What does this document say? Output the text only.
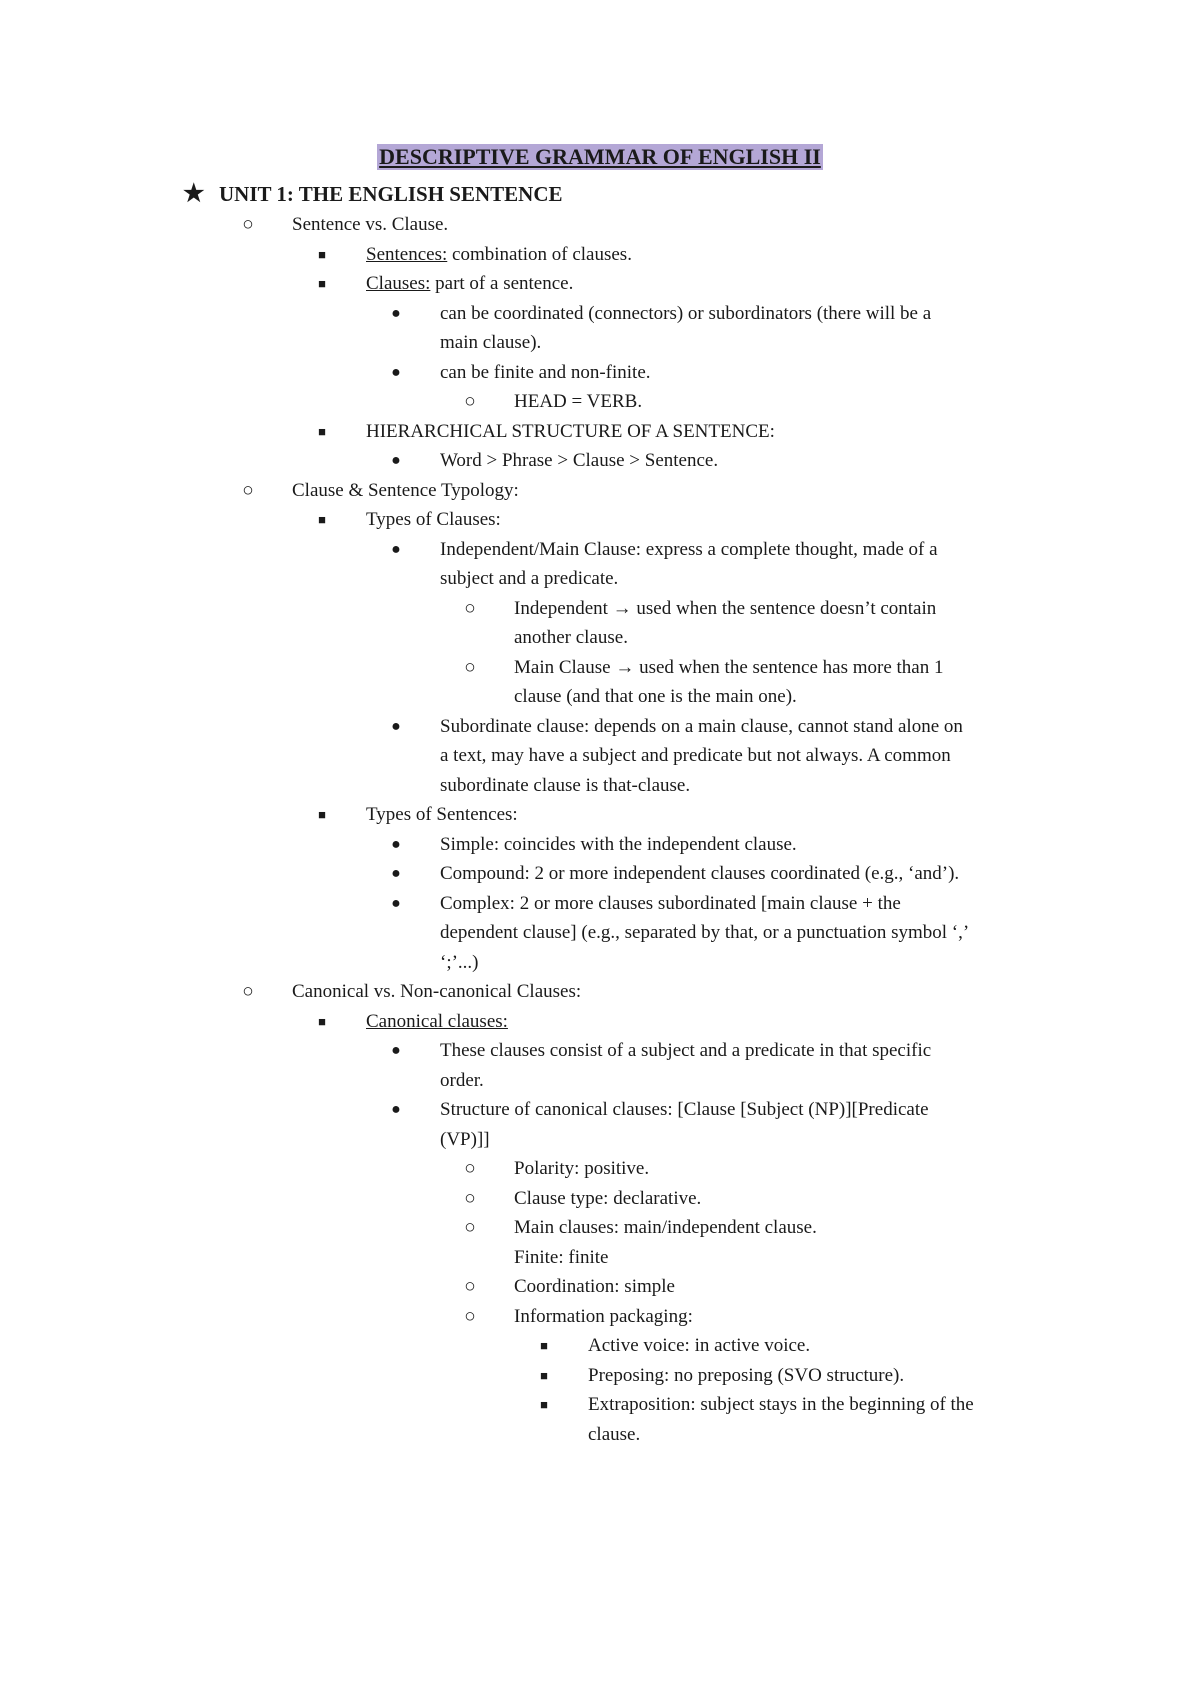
DESCRIPTIVE GRAMMAR OF ENGLISH II
★ UNIT 1: THE ENGLISH SENTENCE
○	Sentence vs. Clause.
■	Sentences: combination of clauses.
■	Clauses: part of a sentence.
●	can be coordinated (connectors) or subordinators (there will be a
main clause).
●	can be finite and non-finite.
○	HEAD = VERB.
■	HIERARCHICAL STRUCTURE OF A SENTENCE:
●	Word > Phrase > Clause > Sentence.
○	Clause & Sentence Typology:
■	Types of Clauses:
●	Independent/Main Clause: express a complete thought, made of a
subject and a predicate.
○	Independent → used when the sentence doesn’t contain
another clause.
○	Main Clause → used when the sentence has more than 1
clause (and that one is the main one).
●	Subordinate clause: depends on a main clause, cannot stand alone on
a text, may have a subject and predicate but not always. A common
subordinate clause is that-clause.
■	Types of Sentences:
●	Simple: coincides with the independent clause.
●	Compound: 2 or more independent clauses coordinated (e.g., ‘and’).
●	Complex: 2 or more clauses subordinated [main clause + the
dependent clause] (e.g., separated by that, or a punctuation symbol ‘,’
‘;’...)
○	Canonical vs. Non-canonical Clauses:
■	Canonical clauses:
●	These clauses consist of a subject and a predicate in that specific
order.
●	Structure of canonical clauses: [Clause [Subject (NP)][Predicate
(VP)]]
○	Polarity: positive.
○	Clause type: declarative.
○	Main clauses: main/independent clause.
Finite: finite
○	Coordination: simple
○	Information packaging:
■	Active voice: in active voice.
■	Preposing: no preposing (SVO structure).
■	Extraposition: subject stays in the beginning of the
clause.
